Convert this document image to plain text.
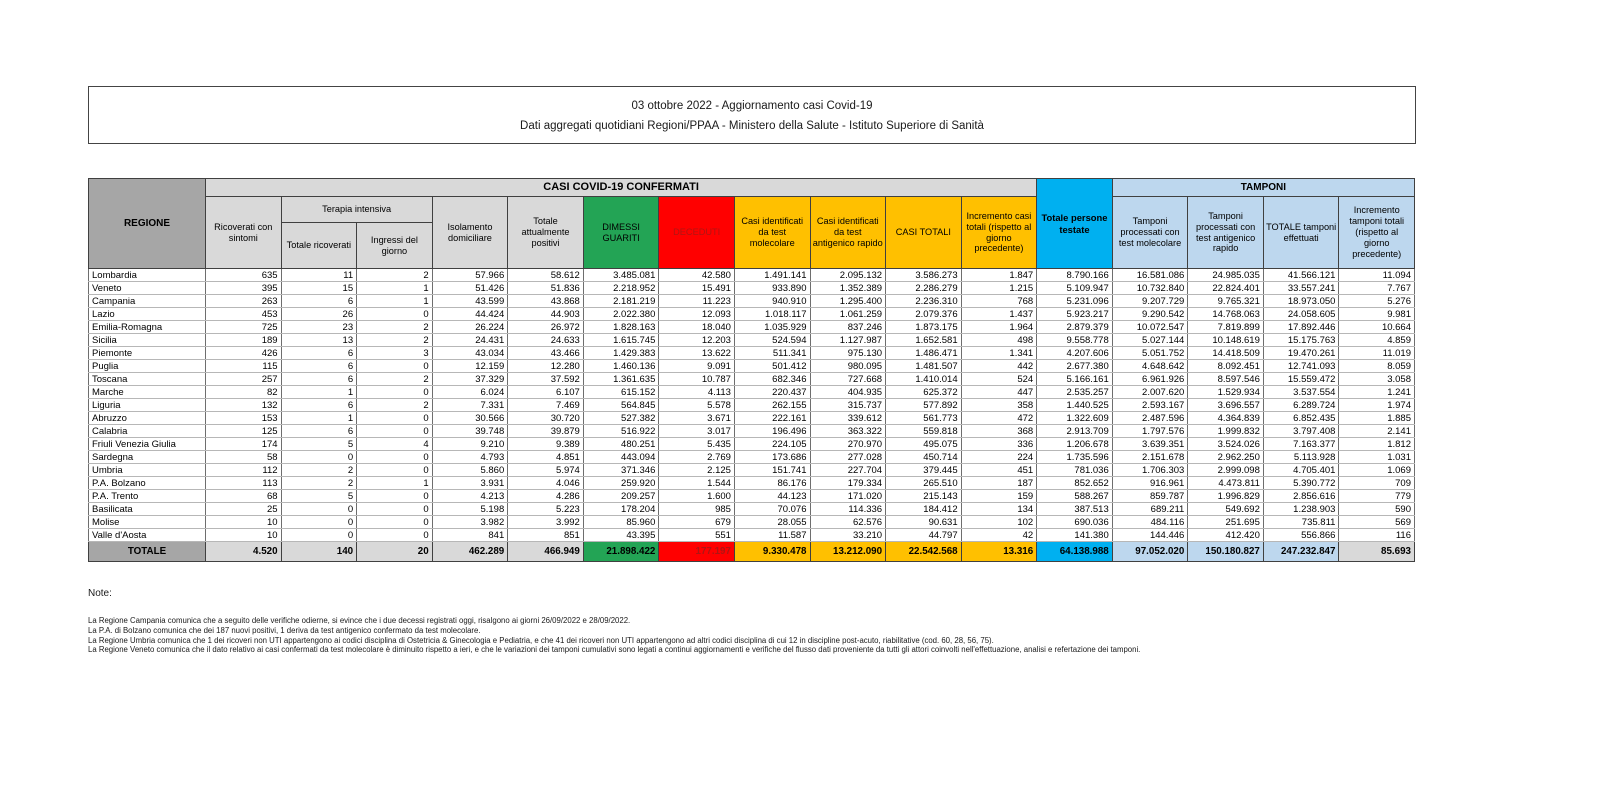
03 ottobre 2022 - Aggiornamento casi Covid-19
Dati aggregati quotidiani Regioni/PPAA - Ministero della Salute - Istituto Superiore di Sanità
REGIONE	CASI COVID-19 CONFERMATI											Totale persone testate	TAMPONI			
	Ricoverati con sintomi	Terapia intensiva		Isolamento domiciliare	Totale attualmente positivi	DIMESSI GUARITI	DECEDUTI	Casi identificati da test molecolare	Casi identificati da test antigenico rapido	CASI TOTALI	Incremento casi totali (rispetto al giorno precedente)		Tamponi processati con test molecolare	Tamponi processati con test antigenico rapido	TOTALE tamponi effettuati	Incremento tamponi totali (rispetto al giorno precedente)
		Totale ricoverati	Ingressi del giorno													
Lombardia	635	11	2	57.966	58.612	3.485.081	42.580	1.491.141	2.095.132	3.586.273	1.847	8.790.166	16.581.086	24.985.035	41.566.121	11.094
Veneto	395	15	1	51.426	51.836	2.218.952	15.491	933.890	1.352.389	2.286.279	1.215	5.109.947	10.732.840	22.824.401	33.557.241	7.767
Campania	263	6	1	43.599	43.868	2.181.219	11.223	940.910	1.295.400	2.236.310	768	5.231.096	9.207.729	9.765.321	18.973.050	5.276
Lazio	453	26	0	44.424	44.903	2.022.380	12.093	1.018.117	1.061.259	2.079.376	1.437	5.923.217	9.290.542	14.768.063	24.058.605	9.981
Emilia-Romagna	725	23	2	26.224	26.972	1.828.163	18.040	1.035.929	837.246	1.873.175	1.964	2.879.379	10.072.547	7.819.899	17.892.446	10.664
Sicilia	189	13	2	24.431	24.633	1.615.745	12.203	524.594	1.127.987	1.652.581	498	9.558.778	5.027.144	10.148.619	15.175.763	4.859
Piemonte	426	6	3	43.034	43.466	1.429.383	13.622	511.341	975.130	1.486.471	1.341	4.207.606	5.051.752	14.418.509	19.470.261	11.019
Puglia	115	6	0	12.159	12.280	1.460.136	9.091	501.412	980.095	1.481.507	442	2.677.380	4.648.642	8.092.451	12.741.093	8.059
Toscana	257	6	2	37.329	37.592	1.361.635	10.787	682.346	727.668	1.410.014	524	5.166.161	6.961.926	8.597.546	15.559.472	3.058
Marche	82	1	0	6.024	6.107	615.152	4.113	220.437	404.935	625.372	447	2.535.257	2.007.620	1.529.934	3.537.554	1.241
Liguria	132	6	2	7.331	7.469	564.845	5.578	262.155	315.737	577.892	358	1.440.525	2.593.167	3.696.557	6.289.724	1.974
Abruzzo	153	1	0	30.566	30.720	527.382	3.671	222.161	339.612	561.773	472	1.322.609	2.487.596	4.364.839	6.852.435	1.885
Calabria	125	6	0	39.748	39.879	516.922	3.017	196.496	363.322	559.818	368	2.913.709	1.797.576	1.999.832	3.797.408	2.141
Friuli Venezia Giulia	174	5	4	9.210	9.389	480.251	5.435	224.105	270.970	495.075	336	1.206.678	3.639.351	3.524.026	7.163.377	1.812
Sardegna	58	0	0	4.793	4.851	443.094	2.769	173.686	277.028	450.714	224	1.735.596	2.151.678	2.962.250	5.113.928	1.031
Umbria	112	2	0	5.860	5.974	371.346	2.125	151.741	227.704	379.445	451	781.036	1.706.303	2.999.098	4.705.401	1.069
P.A. Bolzano	113	2	1	3.931	4.046	259.920	1.544	86.176	179.334	265.510	187	852.652	916.961	4.473.811	5.390.772	709
P.A. Trento	68	5	0	4.213	4.286	209.257	1.600	44.123	171.020	215.143	159	588.267	859.787	1.996.829	2.856.616	779
Basilicata	25	0	0	5.198	5.223	178.204	985	70.076	114.336	184.412	134	387.513	689.211	549.692	1.238.903	590
Molise	10	0	0	3.982	3.992	85.960	679	28.055	62.576	90.631	102	690.036	484.116	251.695	735.811	569
Valle d'Aosta	10	0	0	841	851	43.395	551	11.587	33.210	44.797	42	141.380	144.446	412.420	556.866	116
TOTALE	4.520	140	20	462.289	466.949	21.898.422	177.197	9.330.478	13.212.090	22.542.568	13.316	64.138.988	97.052.020	150.180.827	247.232.847	85.693
Note:
La Regione Campania comunica che a seguito delle verifiche odierne, si evince che i due decessi registrati oggi, risalgono ai giorni 26/09/2022 e 28/09/2022.
La P.A. di Bolzano comunica che dei 187 nuovi positivi, 1 deriva da test antigenico confermato da test molecolare.
La Regione Umbria comunica che 1 dei ricoveri non UTI appartengono ai codici disciplina di Ostetricia & Ginecologia e Pediatria, e che 41 dei ricoveri non UTI appartengono ad altri codici disciplina di cui 12 in discipline post-acuto, riabilitative (cod. 60, 28, 56, 75).
La Regione Veneto comunica che il dato relativo ai casi confermati da test molecolare è diminuito rispetto a ieri, e che le variazioni dei tamponi cumulativi sono legati a continui aggiornamenti e verifiche del flusso dati proveniente da tutti gli attori coinvolti nell'effettuazione, analisi e refertazione dei tamponi.
